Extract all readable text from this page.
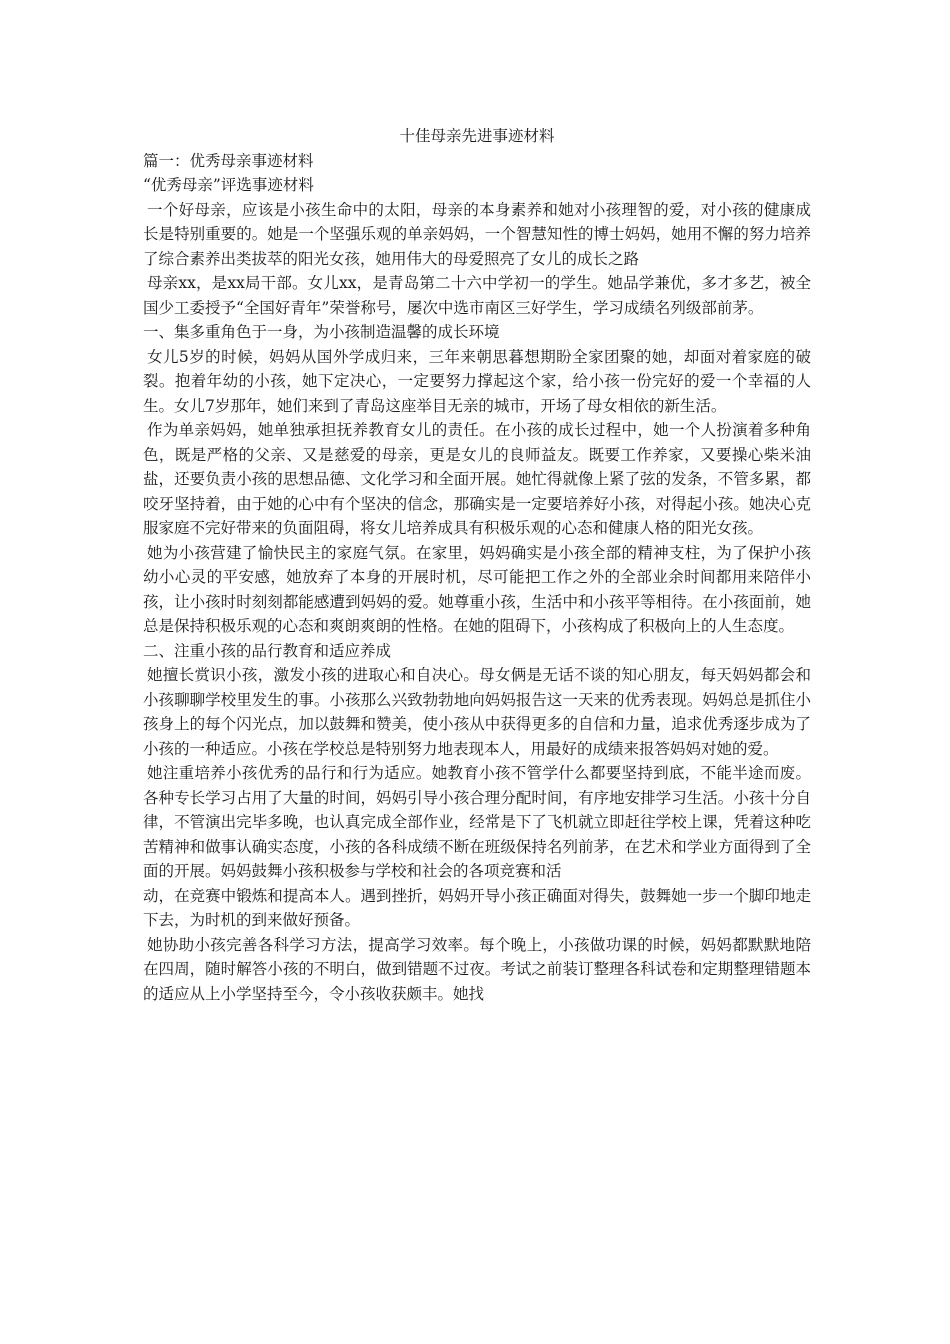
十佳母亲先进事迹材料

篇一：优秀母亲事迹材料

“优秀母亲”评选事迹材料

一个好母亲，应该是小孩生命中的太阳，母亲的本身素养和她对小孩理智的爱，对小孩的健康成长是特别重要的。她是一个坚强乐观的单亲妈妈，一个智慧知性的博士妈妈，她用不懈的努力培养了综合素养出类拔萃的阳光女孩，她用伟大的母爱照亮了女儿的成长之路

母亲xx，是xx局干部。女儿xx，是青岛第二十六中学初一的学生。她品学兼优，多才多艺，被全国少工委授予“全国好青年”荣誉称号，屡次中选市南区三好学生，学习成绩名列级部前茅。

一、集多重角色于一身，为小孩制造温馨的成长环境

女儿5岁的时候，妈妈从国外学成归来，三年来朝思暮想期盼全家团聚的她，却面对着家庭的破裂。抱着年幼的小孩，她下定决心，一定要努力撑起这个家，给小孩一份完好的爱一个幸福的人生。女儿7岁那年，她们来到了青岛这座举目无亲的城市，开场了母女相依的新生活。

作为单亲妈妈，她单独承担抚养教育女儿的责任。在小孩的成长过程中，她一个人扮演着多种角色，既是严格的父亲、又是慈爱的母亲，更是女儿的良师益友。既要工作养家，又要操心柴米油盐，还要负责小孩的思想品德、文化学习和全面开展。她忙得就像上紧了弦的发条，不管多累，都咬牙坚持着，由于她的心中有个坚决的信念，那确实是一定要培养好小孩，对得起小孩。她决心克服家庭不完好带来的负面阻碍，将女儿培养成具有积极乐观的心态和健康人格的阳光女孩。

她为小孩营建了愉快民主的家庭气氛。在家里，妈妈确实是小孩全部的精神支柱，为了保护小孩幼小心灵的平安感，她放弃了本身的开展时机，尽可能把工作之外的全部业余时间都用来陪伴小孩，让小孩时时刻刻都能感遭到妈妈的爱。她尊重小孩，生活中和小孩平等相待。在小孩面前，她总是保持积极乐观的心态和爽朗爽朗的性格。在她的阻碍下，小孩构成了积极向上的人生态度。

二、注重小孩的品行教育和适应养成

她擅长赏识小孩，激发小孩的进取心和自决心。母女俩是无话不谈的知心朋友，每天妈妈都会和小孩聊聊学校里发生的事。小孩那么兴致勃勃地向妈妈报告这一天来的优秀表现。妈妈总是抓住小孩身上的每个闪光点，加以鼓舞和赞美，使小孩从中获得更多的自信和力量，追求优秀逐步成为了小孩的一种适应。小孩在学校总是特别努力地表现本人，用最好的成绩来报答妈妈对她的爱。

她注重培养小孩优秀的品行和行为适应。她教育小孩不管学什么都要坚持到底，不能半途而废。各种专长学习占用了大量的时间，妈妈引导小孩合理分配时间，有序地安排学习生活。小孩十分自律，不管演出完毕多晚，也认真完成全部作业，经常是下了飞机就立即赶往学校上课，凭着这种吃苦精神和做事认确实态度，小孩的各科成绩不断在班级保持名列前茅，在艺术和学业方面得到了全面的开展。妈妈鼓舞小孩积极参与学校和社会的各项竞赛和活

动，在竞赛中锻炼和提高本人。遇到挫折，妈妈开导小孩正确面对得失，鼓舞她一步一个脚印地走下去，为时机的到来做好预备。

她协助小孩完善各科学习方法，提高学习效率。每个晚上，小孩做功课的时候，妈妈都默默地陪在四周，随时解答小孩的不明白，做到错题不过夜。考试之前装订整理各科试卷和定期整理错题本的适应从上小学坚持至今，令小孩收获颇丰。她找
